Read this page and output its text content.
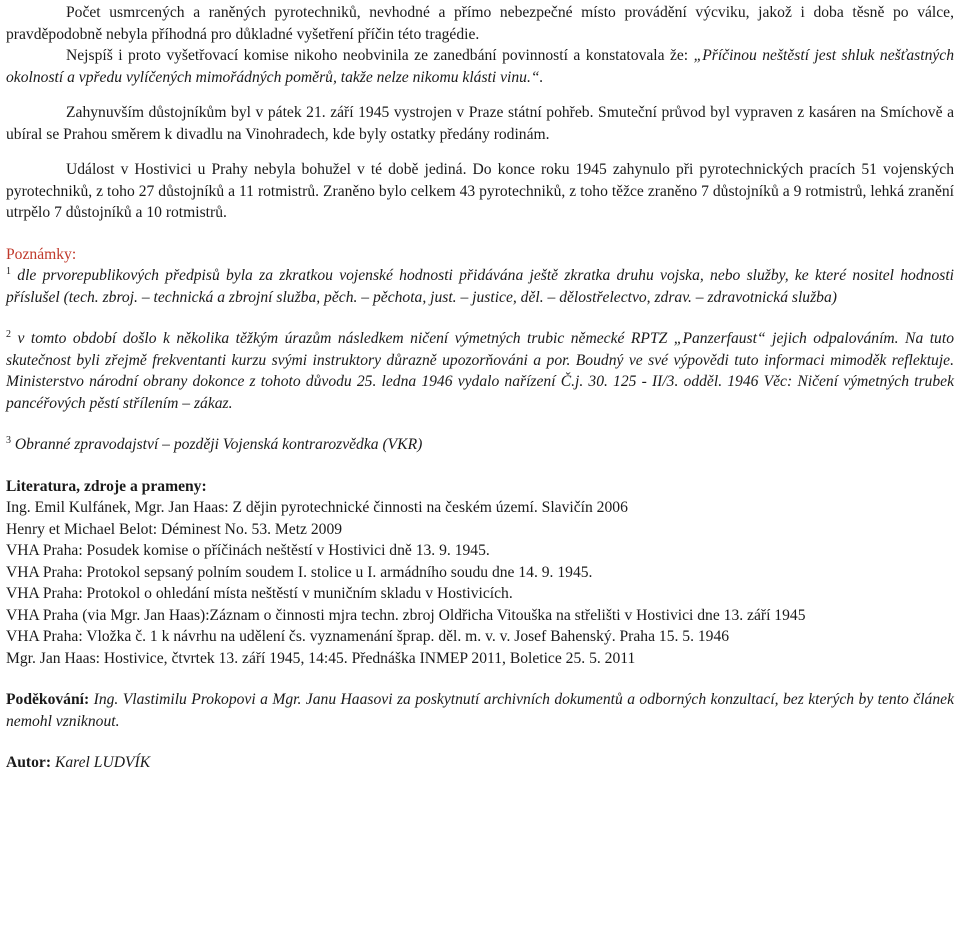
Počet usmrcených a raněných pyrotechniků, nevhodné a přímo nebezpečné místo provádění výcviku, jakož i doba těsně po válce, pravděpodobně nebyla příhodná pro důkladné vyšetření příčin této tragédie.

Nejspíš i proto vyšetřovací komise nikoho neobvinila ze zanedbání povinností a konstatovala že: „Příčinou neštěstí jest shluk nešťastných okolností a vpředu vylíčených mimořádných poměrů, takže nelze nikomu klásti vinu.“.

Zahynuvším důstojníkům byl v pátek 21. září 1945 vystrojen v Praze státní pohřeb. Smuteční průvod byl vypraven z kasáren na Smíchově a ubíral se Prahou směrem k divadlu na Vinohradech, kde byly ostatky předány rodinám.

Událost v Hostivici u Prahy nebyla bohužel v té době jediná. Do konce roku 1945 zahynulo při pyrotechnických pracích 51 vojenských pyrotechniků, z toho 27 důstojníků a 11 rotmistrů. Zraněno bylo celkem 43 pyrotechniků, z toho těžce zraněno 7 důstojníků a 9 rotmistrů, lehká zranění utrpělo 7 důstojníků a 10 rotmistrů.

Poznámky:

$^1$ dle prvorepublikových předpisů byla za zkratkou vojenské hodnosti přidávána ještě zkratka druhu vojska, nebo služby, ke které nositel hodnosti příslušel (tech. zbroj. – technická a zbrojní služba, pěch. – pěchota, just. – justice, děl. – dělostřelectvo, zdrav. – zdravotnická služba)

$^2$ v tomto období došlo k několika těžkým úrazům následkem ničení výmetných trubic německé RPTZ „Panzerfaust“ jejich odpalováním. Na tuto skutečnost byli zřejmě frekventanti kurzu svými instruktory důrazně upozorňováni a por. Boudný ve své výpovědi tuto informaci mimoděk reflektuje. Ministerstvo národní obrany dokonce z tohoto důvodu 25. ledna 1946 vydalo nařízení Č.j. 30. 125 - II/3. odděl. 1946 Věc: Ničení výmetných trubek pancéřových pěstí střílením – zákaz.

$^3$ Obranné zpravodajství – později Vojenská kontrarozvědka (VKR)

Literatura, zdroje a prameny:

Ing. Emil Kulfánek, Mgr. Jan Haas: Z dějin pyrotechnické činnosti na českém území. Slavičín 2006

Henry et Michael Belot: Déminest No. 53. Metz 2009

VHA Praha: Posudek komise o příčinách neštěstí v Hostivici dně 13. 9. 1945.

VHA Praha: Protokol sepsaný polním soudem I. stolice u I. armádního soudu dne 14. 9. 1945.

VHA Praha: Protokol o ohledání místa neštěstí v muničním skladu v Hostivicích.

VHA Praha (via Mgr. Jan Haas):Záznam o činnosti mjra techn. zbroj Oldřicha Vitouška na střelišti v Hostivici dne 13. září 1945

VHA Praha: Vložka č. 1 k návrhu na udělení čs. vyznamenání šprap. děl. m. v. v. Josef Bahenský. Praha 15. 5. 1946

Mgr. Jan Haas: Hostivice, čtvrtek 13. září 1945, 14:45. Přednáška INMEP 2011, Boletice 25. 5. 2011

Poděkování: Ing. Vlastimilu Prokopovi a Mgr. Janu Haasovi za poskytnutí archivních dokumentů a odborných konzultací, bez kterých by tento článek nemohl vzniknout.

Autor: Karel LUDVÍK
